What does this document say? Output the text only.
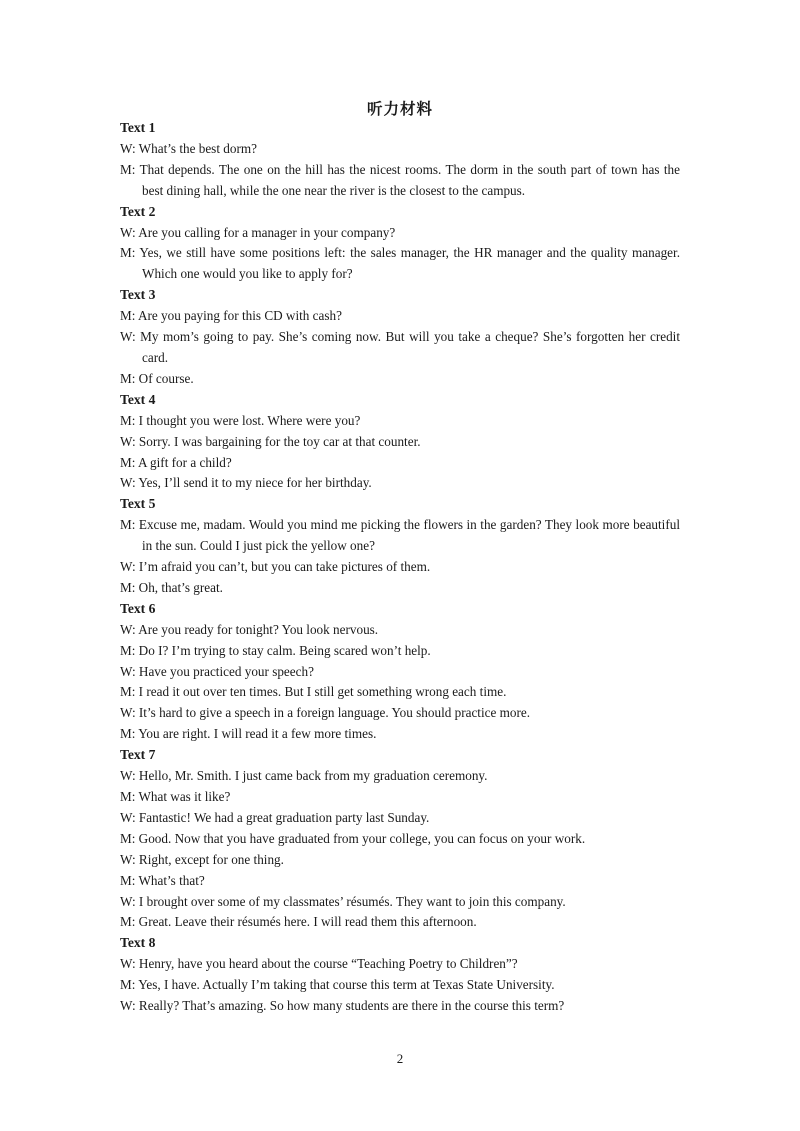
听力材料
Text 1
W: What’s the best dorm?
M: That depends. The one on the hill has the nicest rooms. The dorm in the south part of town has the best dining hall, while the one near the river is the closest to the campus.
Text 2
W: Are you calling for a manager in your company?
M: Yes, we still have some positions left: the sales manager, the HR manager and the quality manager. Which one would you like to apply for?
Text 3
M: Are you paying for this CD with cash?
W: My mom’s going to pay. She’s coming now. But will you take a cheque? She’s forgotten her credit card.
M: Of course.
Text 4
M: I thought you were lost. Where were you?
W: Sorry. I was bargaining for the toy car at that counter.
M: A gift for a child?
W: Yes, I’ll send it to my niece for her birthday.
Text 5
M: Excuse me, madam. Would you mind me picking the flowers in the garden? They look more beautiful in the sun. Could I just pick the yellow one?
W: I’m afraid you can’t, but you can take pictures of them.
M: Oh, that’s great.
Text 6
W: Are you ready for tonight? You look nervous.
M: Do I? I’m trying to stay calm. Being scared won’t help.
W: Have you practiced your speech?
M: I read it out over ten times. But I still get something wrong each time.
W: It’s hard to give a speech in a foreign language. You should practice more.
M: You are right. I will read it a few more times.
Text 7
W: Hello, Mr. Smith. I just came back from my graduation ceremony.
M: What was it like?
W: Fantastic! We had a great graduation party last Sunday.
M: Good. Now that you have graduated from your college, you can focus on your work.
W: Right, except for one thing.
M: What’s that?
W: I brought over some of my classmates’ résumés. They want to join this company.
M: Great. Leave their résumés here. I will read them this afternoon.
Text 8
W: Henry, have you heard about the course “Teaching Poetry to Children”?
M: Yes, I have. Actually I’m taking that course this term at Texas State University.
W: Really? That’s amazing. So how many students are there in the course this term?
2
